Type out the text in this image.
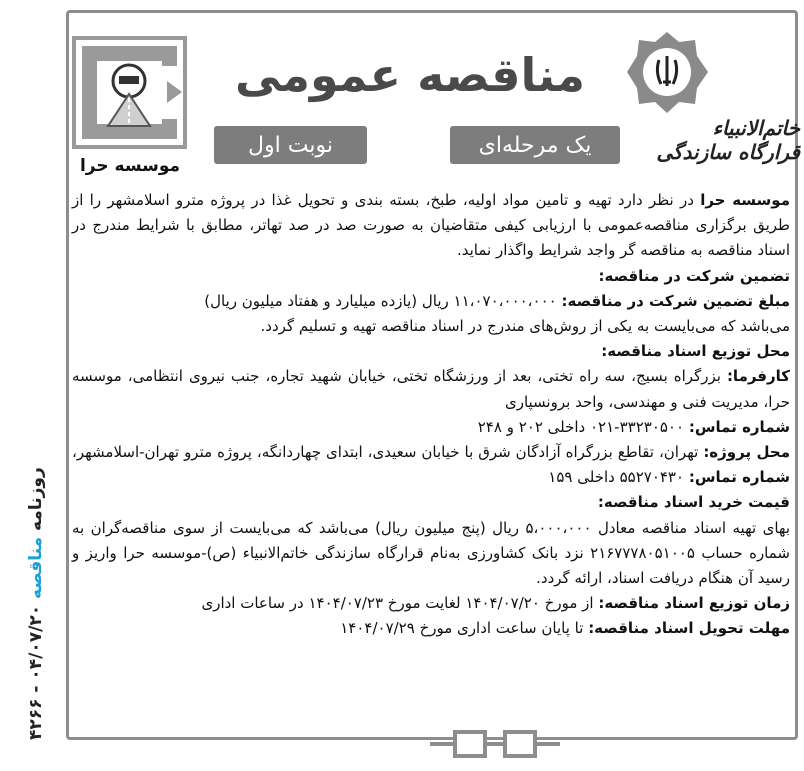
روزنامه مناقصه ۰۴/۰۷/۲۰ - ۴۲۶۶
موسسه حرا
مناقصه عمومی
نوبت اول	یک مرحله‌ای
خاتم‌الانبیاء
قرارگاه سازندگی

موسسه حرا در نظر دارد تهیه و تامین مواد اولیه، طبخ، بسته بندی و تحویل غذا در پروژه مترو اسلامشهر را از طریق برگزاری مناقصه‌عمومی با ارزیابی کیفی متقاضیان به صورت صد در صد تهاتر، مطابق با شرایط مندرج در اسناد مناقصه به مناقصه گر واجد شرایط واگذار نماید.

تضمین شرکت در مناقصه:

مبلغ تضمین شرکت در مناقصه: ۱۱،۰۷۰،۰۰۰،۰۰۰ ریال (یازده میلیارد و هفتاد میلیون ریال)

می‌باشد که می‌بایست به یکی از روش‌های مندرج در اسناد مناقصه تهیه و تسلیم گردد.

محل توزیع اسناد مناقصه:

کارفرما: بزرگراه بسیج، سه راه تختی، بعد از ورزشگاه تختی، خیابان شهید تجاره، جنب نیروی انتظامی، موسسه حرا، مدیریت فنی و مهندسی، واحد برونسپاری

شماره تماس: ۳۳۲۳۰۵۰۰-۰۲۱ داخلی ۲۰۲ و ۲۴۸

محل پروژه: تهران، تقاطع بزرگراه آزادگان شرق با خیابان سعیدی، ابتدای چهاردانگه، پروژه مترو تهران-اسلامشهر، شماره تماس: ۵۵۲۷۰۴۳۰ داخلی ۱۵۹

قیمت خرید اسناد مناقصه:

بهای تهیه اسناد مناقصه معادل ۵،۰۰۰،۰۰۰ ریال (پنج میلیون ریال) می‌باشد که می‌بایست از سوی مناقصه‌گران به شماره حساب ۲۱۶۷۷۷۸۰۵۱۰۰۵ نزد بانک کشاورزی به‌نام قرارگاه سازندگی خاتم‌الانبیاء (ص)-موسسه حرا واریز و رسید آن هنگام دریافت اسناد، ارائه گردد.

زمان توزیع اسناد مناقصه: از مورخ ۱۴۰۴/۰۷/۲۰ لغایت مورخ ۱۴۰۴/۰۷/۲۳ در ساعات اداری

مهلت تحویل اسناد مناقصه: تا پایان ساعت اداری مورخ ۱۴۰۴/۰۷/۲۹
